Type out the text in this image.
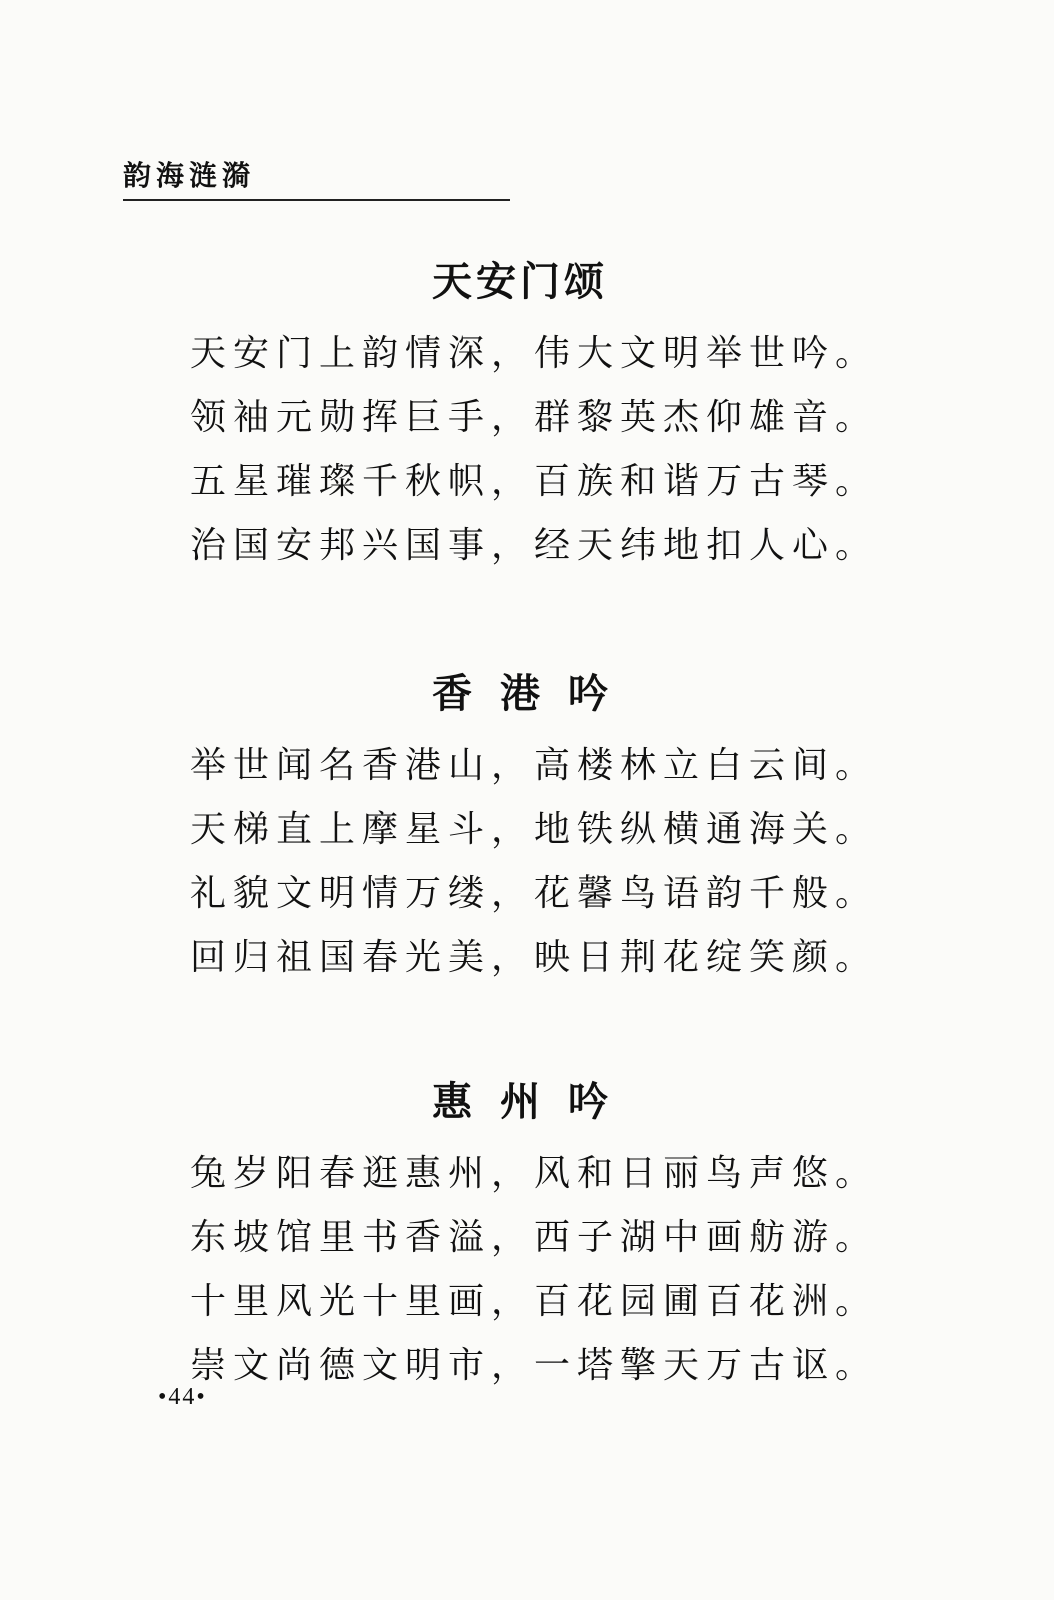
韵海涟漪
天安门颂
天安门上韵情深，伟大文明举世吟。
领袖元勋挥巨手，群黎英杰仰雄音。
五星璀璨千秋帜，百族和谐万古琴。
治国安邦兴国事，经天纬地扣人心。
香港吟
举世闻名香港山，高楼林立白云间。
天梯直上摩星斗，地铁纵横通海关。
礼貌文明情万缕，花馨鸟语韵千般。
回归祖国春光美，映日荆花绽笑颜。
惠州吟
兔岁阳春逛惠州，风和日丽鸟声悠。
东坡馆里书香溢，西子湖中画舫游。
十里风光十里画，百花园圃百花洲。
崇文尚德文明市，一塔擎天万古讴。
•44•
